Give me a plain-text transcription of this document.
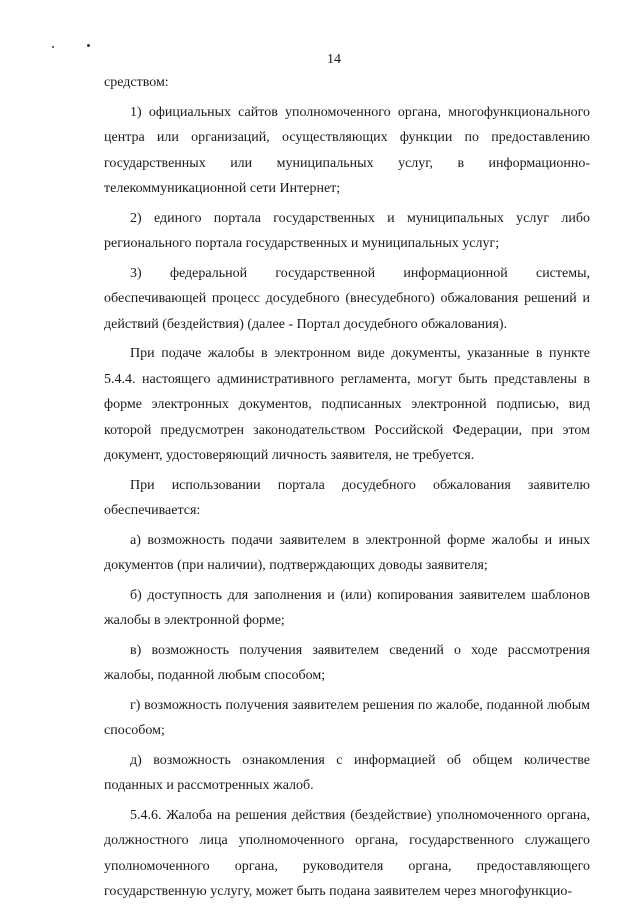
14

средством:

1) официальных сайтов уполномоченного органа, многофункционального центра или организаций, осуществляющих функции по предоставлению государственных или муниципальных услуг, в информационно-телекоммуникационной сети Интернет;

2) единого портала государственных и муниципальных услуг либо регионального портала государственных и муниципальных услуг;

3) федеральной государственной информационной системы, обеспечивающей процесс досудебного (внесудебного) обжалования решений и действий (бездействия) (далее - Портал досудебного обжалования).

При подаче жалобы в электронном виде документы, указанные в пункте 5.4.4. настоящего административного регламента, могут быть представлены в форме электронных документов, подписанных электронной подписью, вид которой предусмотрен законодательством Российской Федерации, при этом документ, удостоверяющий личность заявителя, не требуется.

При использовании портала досудебного обжалования заявителю обеспечивается:

а) возможность подачи заявителем в электронной форме жалобы и иных документов (при наличии), подтверждающих доводы заявителя;

б) доступность для заполнения и (или) копирования заявителем шаблонов жалобы в электронной форме;

в) возможность получения заявителем сведений о ходе рассмотрения жалобы, поданной любым способом;

г) возможность получения заявителем решения по жалобе, поданной любым способом;

д) возможность ознакомления с информацией об общем количестве поданных и рассмотренных жалоб.

5.4.6. Жалоба на решения действия (бездействие) уполномоченного органа, должностного лица уполномоченного органа, государственного служащего уполномоченного органа, руководителя органа, предоставляющего государственную услугу, может быть подана заявителем через многофункцио-
